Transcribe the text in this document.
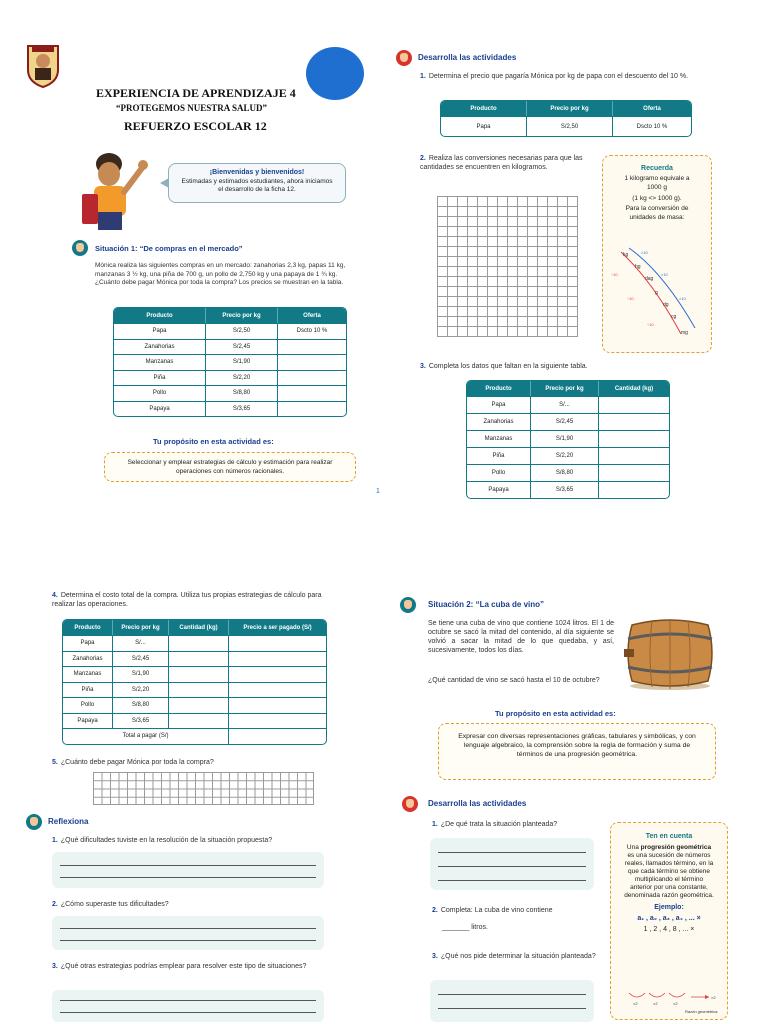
EXPERIENCIA DE APRENDIZAJE 4
“PROTEGEMOS NUESTRA SALUD”
REFUERZO ESCOLAR 12
¡Bienvenidas y bienvenidos!
Estimadas y estimados estudiantes, ahora iniciamos el desarrollo de la ficha 12.
Situación 1: “De compras en el mercado”
Mónica realiza las siguientes compras en un mercado: zanahorias 2,3 kg, papas 11 kg, manzanas 3 ½ kg, una piña de 700 g, un pollo de 2,750 kg y una papaya de 1 ¾ kg. ¿Cuánto debe pagar Mónica por toda la compra? Los precios se muestran en la tabla.
Producto	Precio por kg	Oferta
Papa	S/2,50	Dscto 10 %
Zanahorias	S/2,45	
Manzanas	S/1,90	
Piña	S/2,20	
Pollo	S/8,80	
Papaya	S/3,65	
Tu propósito en esta actividad es:
Seleccionar y emplear estrategias de cálculo y estimación para realizar operaciones con números racionales.
1
Desarrolla las actividades
1. Determina el precio que pagaría Mónica por kg de papa con el descuento del 10 %.
Producto	Precio por kg	Oferta
Papa	S/2,50	Dscto 10 %
2. Realiza las conversiones necesarias para que las cantidades se encuentren en kilogramos.	Recuerda
1 kilogramo equivale a 1000 g
(1 kg <> 1000 g).
Para la conversión de unidades de masa:
kg
hg
dag
g
dg
cg
mg
×10
×10
×10
÷10
÷10
÷10
3. Completa los datos que faltan en la siguiente tabla.
Producto	Precio por kg	Cantidad (kg)
Papa	S/...	
Zanahorias	S/2,45	
Manzanas	S/1,90	
Piña	S/2,20	
Pollo	S/8,80	
Papaya	S/3,65	
4. Determina el costo total de la compra. Utiliza tus propias estrategias de cálculo para realizar las operaciones.
Producto	Precio por kg	Cantidad (kg)	Precio a ser pagado (S/)
Papa	S/...		
Zanahorias	S/2,45		
Manzanas	S/1,90		
Piña	S/2,20		
Pollo	S/8,80		
Papaya	S/3,65		
Total a pagar (S/)			
5. ¿Cuánto debe pagar Mónica por toda la compra?
Reflexiona
1. ¿Qué dificultades tuviste en la resolución de la situación propuesta?
2. ¿Cómo superaste tus dificultades?
3. ¿Qué otras estrategias podrías emplear para resolver este tipo de situaciones?
Situación 2: “La cuba de vino”
Se tiene una cuba de vino que contiene 1024 litros. El 1 de octubre se sacó la mitad del contenido, al día siguiente se volvió a sacar la mitad de lo que quedaba, y así, sucesivamente, todos los días.
¿Qué cantidad de vino se sacó hasta el 10 de octubre?
Tu propósito en esta actividad es:
Expresar con diversas representaciones gráficas, tabulares y simbólicas, y con lenguaje algebraico, la comprensión sobre la regla de formación y suma de términos de una progresión geométrica.
Desarrolla las actividades
1. ¿De qué trata la situación planteada?
2. Completa: La cuba de vino contiene
_______ litros.
3. ¿Qué nos pide determinar la situación planteada?
Ten en cuenta
Una progresión geométrica es una sucesión de números reales, llamados término, en la que cada término se obtiene multiplicando el término anterior por una constante, denominada razón geométrica.
Ejemplo:
a₁ , a₂ , a₃ , a₄ , ... ×
1 , 2 , 4 , 8 , ... ×
×2	×2	×2
×2
Razón geométrica
